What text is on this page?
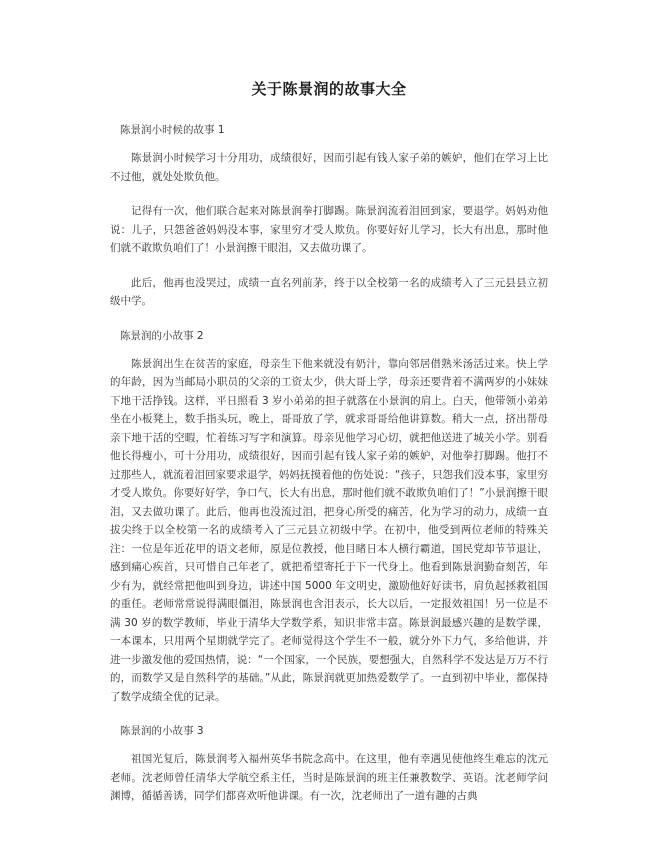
关于陈景润的故事大全
陈景润小时候的故事 1

陈景润小时候学习十分用功，成绩很好，因而引起有钱人家子弟的嫉妒，他们在学习上比不过他，就处处欺负他。

记得有一次，他们联合起来对陈景润拳打脚踢。陈景润流着泪回到家，要退学。妈妈劝他说：儿子，只怨爸爸妈妈没本事，家里穷才受人欺负。你要好好儿学习，长大有出息，那时他们就不敢欺负咱们了！小景润擦干眼泪，又去做功课了。

此后，他再也没哭过，成绩一直名列前茅，终于以全校第一名的成绩考入了三元县县立初级中学。

陈景润的小故事 2

陈景润出生在贫苦的家庭，母亲生下他来就没有奶汁，靠向邻居借熟米汤活过来。快上学的年龄，因为当邮局小职员的父亲的工资太少，供大哥上学，母亲还要背着不满两岁的小妹妹下地干活挣钱。这样，平日照看 3 岁小弟弟的担子就落在小景润的肩上。白天，他带领小弟弟坐在小板凳上，数手指头玩，晚上，哥哥放了学，就求哥哥给他讲算数。稍大一点，挤出帮母亲下地干活的空暇，忙着练习写字和演算。母亲见他学习心切，就把他送进了城关小学。别看他长得瘦小，可十分用功，成绩很好，因而引起有钱人家子弟的嫉妒，对他拳打脚踢。他打不过那些人，就流着泪回家要求退学，妈妈抚摸着他的伤处说：“孩子，只怨我们没本事，家里穷才受人欺负。你要好好学，争口气，长大有出息，那时他们就不敢欺负咱们了！”小景润擦干眼泪，又去做功课了。此后，他再也没流过泪，把身心所受的痛苦，化为学习的动力，成绩一直拔尖终于以全校第一名的成绩考入了三元县立初级中学。在初中，他受到两位老师的特殊关注：一位是年近花甲的语文老师，原是位教授，他目睹日本人横行霸道，国民党却节节退让，感到痛心疾首，只可惜自己年老了，就把希望寄托于下一代身上。他看到陈景润勤奋刻苦，年少有为，就经常把他叫到身边，讲述中国 5000 年文明史，激励他好好读书，肩负起拯救祖国的重任。老师常常说得满眼僵泪，陈景润也含泪表示，长大以后，一定报效祖国！另一位是不满 30 岁的数学教师，毕业于清华大学数学系，知识非常丰富。陈景润最感兴趣的是数学课，一本课本，只用两个星期就学完了。老师觉得这个学生不一般，就分外下力气，多给他讲，并进一步激发他的爱国热情，说：“一个国家，一个民族，要想强大，自然科学不发达是万万不行的，而数学又是自然科学的基础。”从此，陈景润就更加热爱数学了。一直到初中毕业，都保持了数学成绩全优的记录。

陈景润的小故事 3

祖国光复后，陈景润考入福州英华书院念高中。在这里，他有幸遇见使他终生难忘的沈元老师。沈老师曾任清华大学航空系主任，当时是陈景润的班主任兼教数学、英语。沈老师学问渊博，循循善诱，同学们都喜欢听他讲课。有一次，沈老师出了一道有趣的古典
